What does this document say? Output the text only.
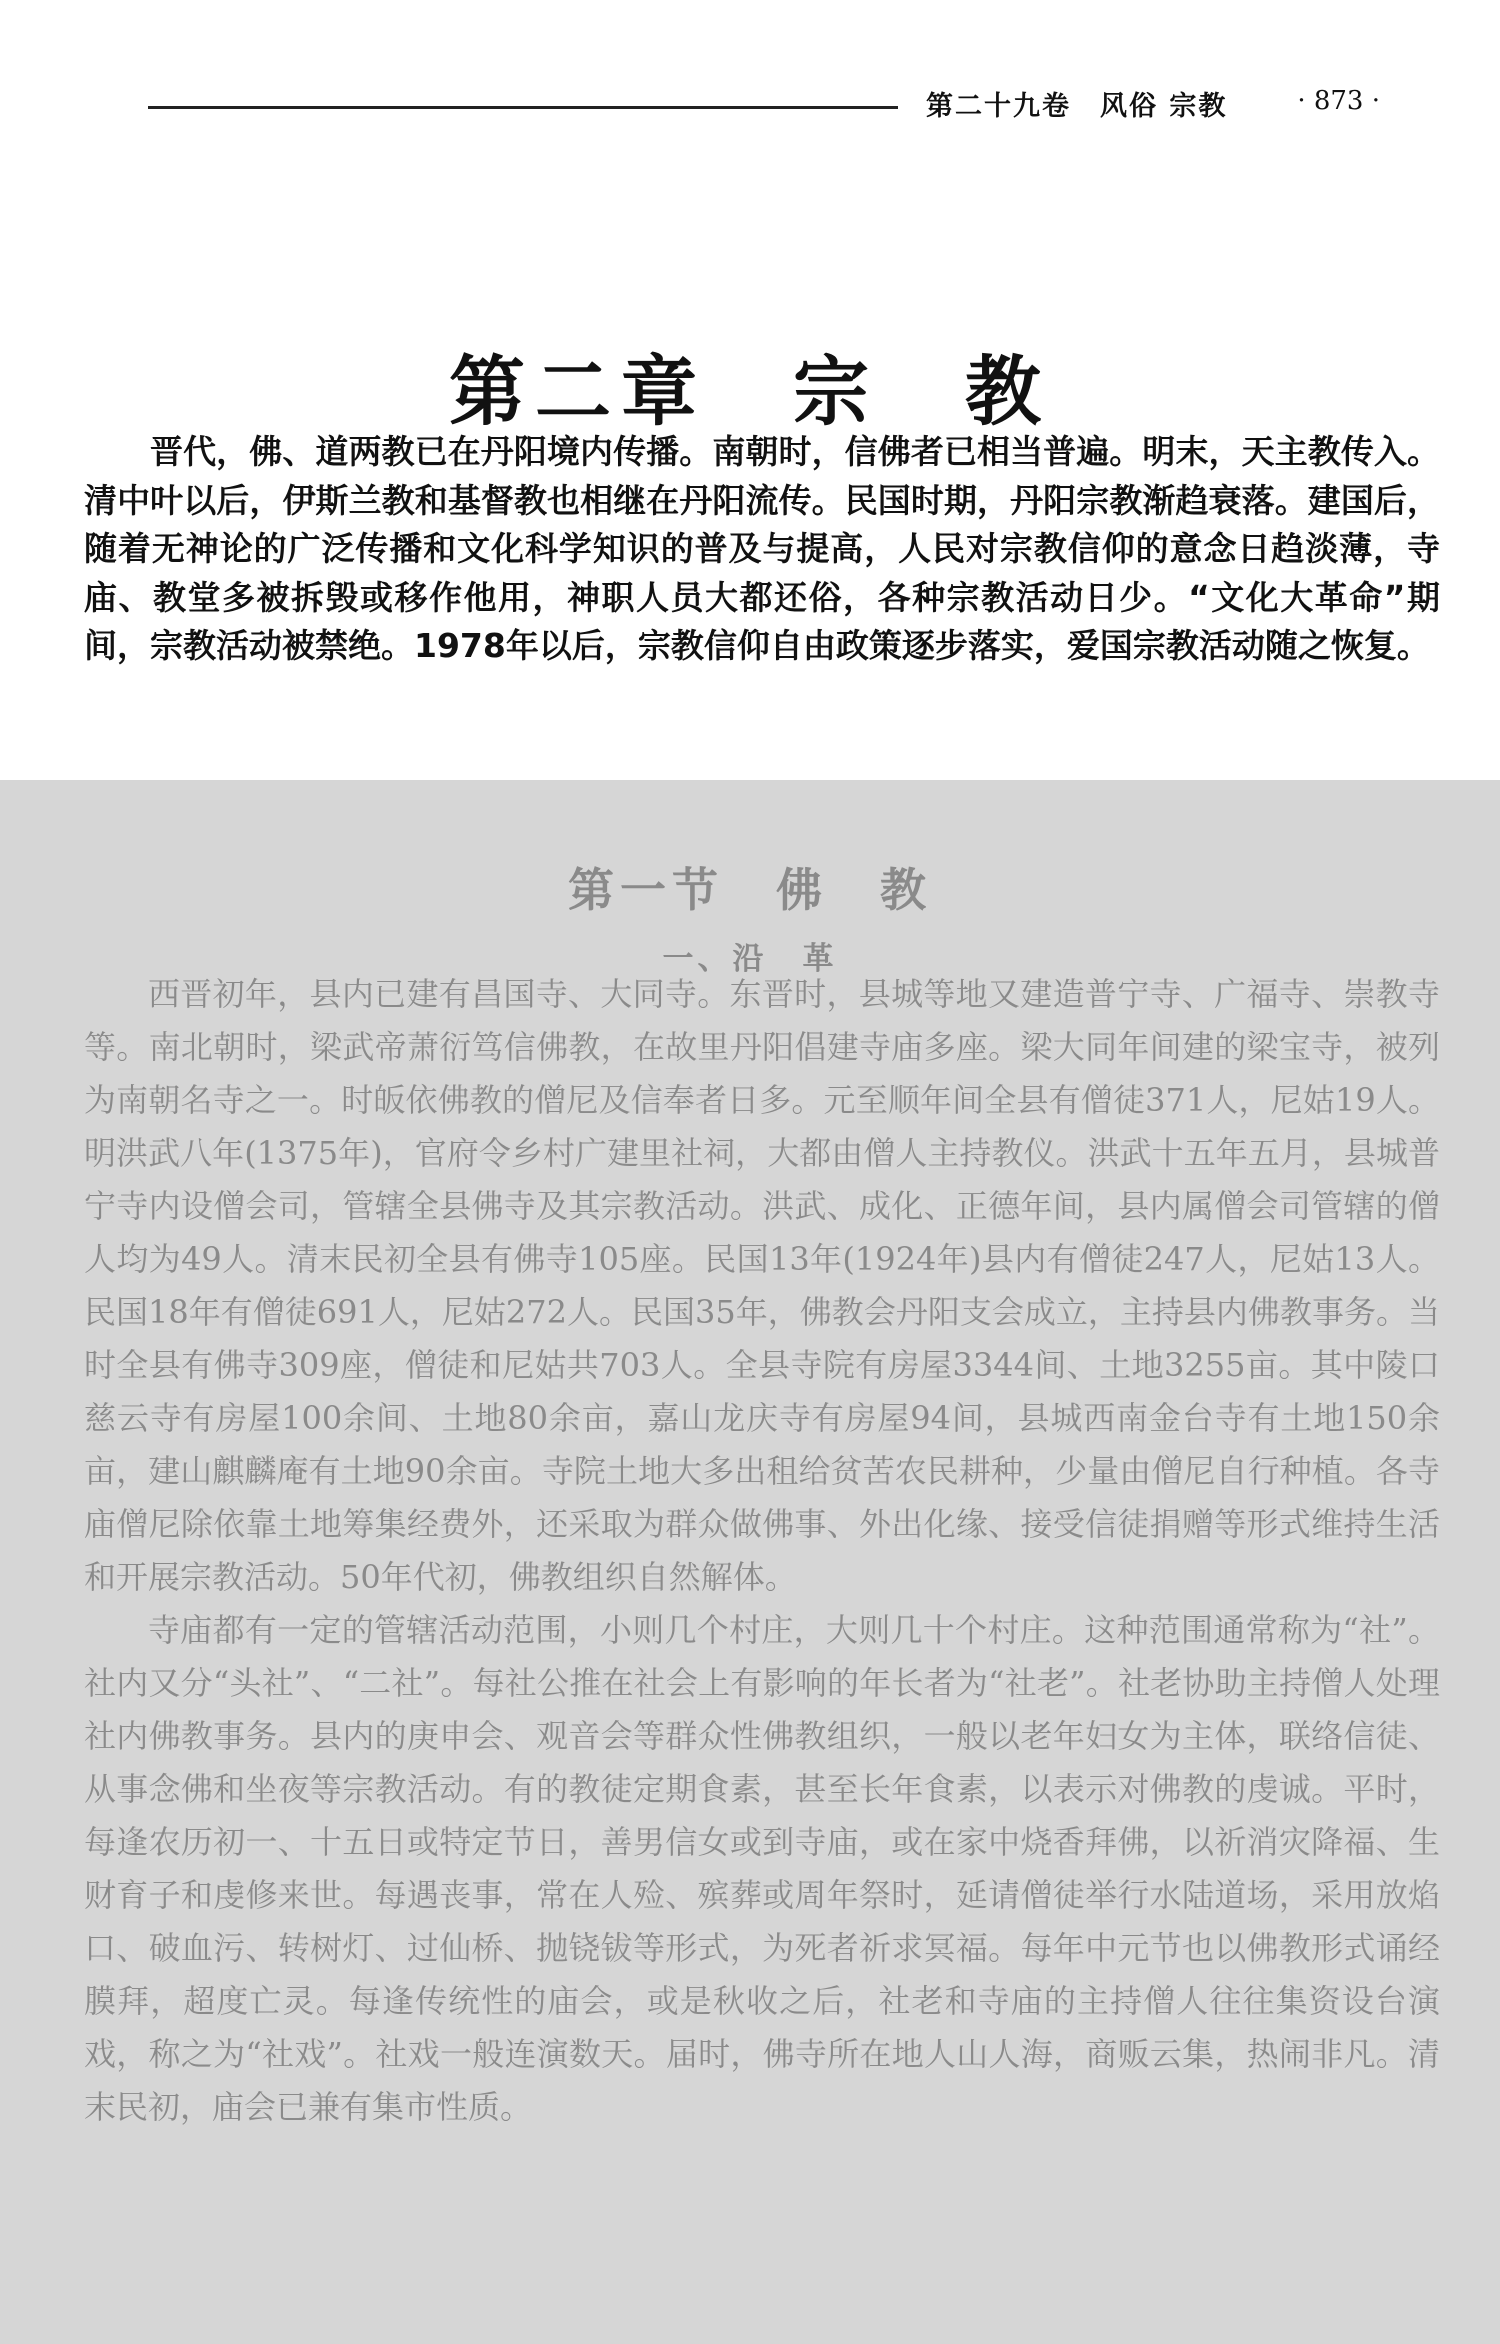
第二十九卷　风俗 宗教	· 873 ·
第二章　宗　教

晋代，佛、道两教已在丹阳境内传播。南朝时，信佛者已相当普遍。明末，天主教传入。清中叶以后，伊斯兰教和基督教也相继在丹阳流传。民国时期，丹阳宗教渐趋衰落。建国后，随着无神论的广泛传播和文化科学知识的普及与提高，人民对宗教信仰的意念日趋淡薄，寺庙、教堂多被拆毁或移作他用，神职人员大都还俗，各种宗教活动日少。“文化大革命”期间，宗教活动被禁绝。1978年以后，宗教信仰自由政策逐步落实，爱国宗教活动随之恢复。

第一节　佛　教
一、沿　革

西晋初年，县内已建有昌国寺、大同寺。东晋时，县城等地又建造普宁寺、广福寺、崇教寺等。南北朝时，梁武帝萧衍笃信佛教，在故里丹阳倡建寺庙多座。梁大同年间建的梁宝寺，被列为南朝名寺之一。时皈依佛教的僧尼及信奉者日多。元至顺年间全县有僧徒371人，尼姑19人。明洪武八年(1375年)，官府令乡村广建里社祠，大都由僧人主持教仪。洪武十五年五月，县城普宁寺内设僧会司，管辖全县佛寺及其宗教活动。洪武、成化、正德年间，县内属僧会司管辖的僧人均为49人。清末民初全县有佛寺105座。民国13年(1924年)县内有僧徒247人，尼姑13人。民国18年有僧徒691人，尼姑272人。民国35年，佛教会丹阳支会成立，主持县内佛教事务。当时全县有佛寺309座，僧徒和尼姑共703人。全县寺院有房屋3344间、土地3255亩。其中陵口慈云寺有房屋100余间、土地80余亩，嘉山龙庆寺有房屋94间，县城西南金台寺有土地150余亩，建山麒麟庵有土地90余亩。寺院土地大多出租给贫苦农民耕种，少量由僧尼自行种植。各寺庙僧尼除依靠土地筹集经费外，还采取为群众做佛事、外出化缘、接受信徒捐赠等形式维持生活和开展宗教活动。50年代初，佛教组织自然解体。

寺庙都有一定的管辖活动范围，小则几个村庄，大则几十个村庄。这种范围通常称为“社”。社内又分“头社”、“二社”。每社公推在社会上有影响的年长者为“社老”。社老协助主持僧人处理社内佛教事务。县内的庚申会、观音会等群众性佛教组织，一般以老年妇女为主体，联络信徒、从事念佛和坐夜等宗教活动。有的教徒定期食素，甚至长年食素，以表示对佛教的虔诚。平时，每逢农历初一、十五日或特定节日，善男信女或到寺庙，或在家中烧香拜佛，以祈消灾降福、生财育子和虔修来世。每遇丧事，常在人殓、殡葬或周年祭时，延请僧徒举行水陆道场，采用放焰口、破血污、转树灯、过仙桥、抛铙钹等形式，为死者祈求冥福。每年中元节也以佛教形式诵经膜拜，超度亡灵。每逢传统性的庙会，或是秋收之后，社老和寺庙的主持僧人往往集资设台演戏，称之为“社戏”。社戏一般连演数天。届时，佛寺所在地人山人海，商贩云集，热闹非凡。清末民初，庙会已兼有集市性质。
